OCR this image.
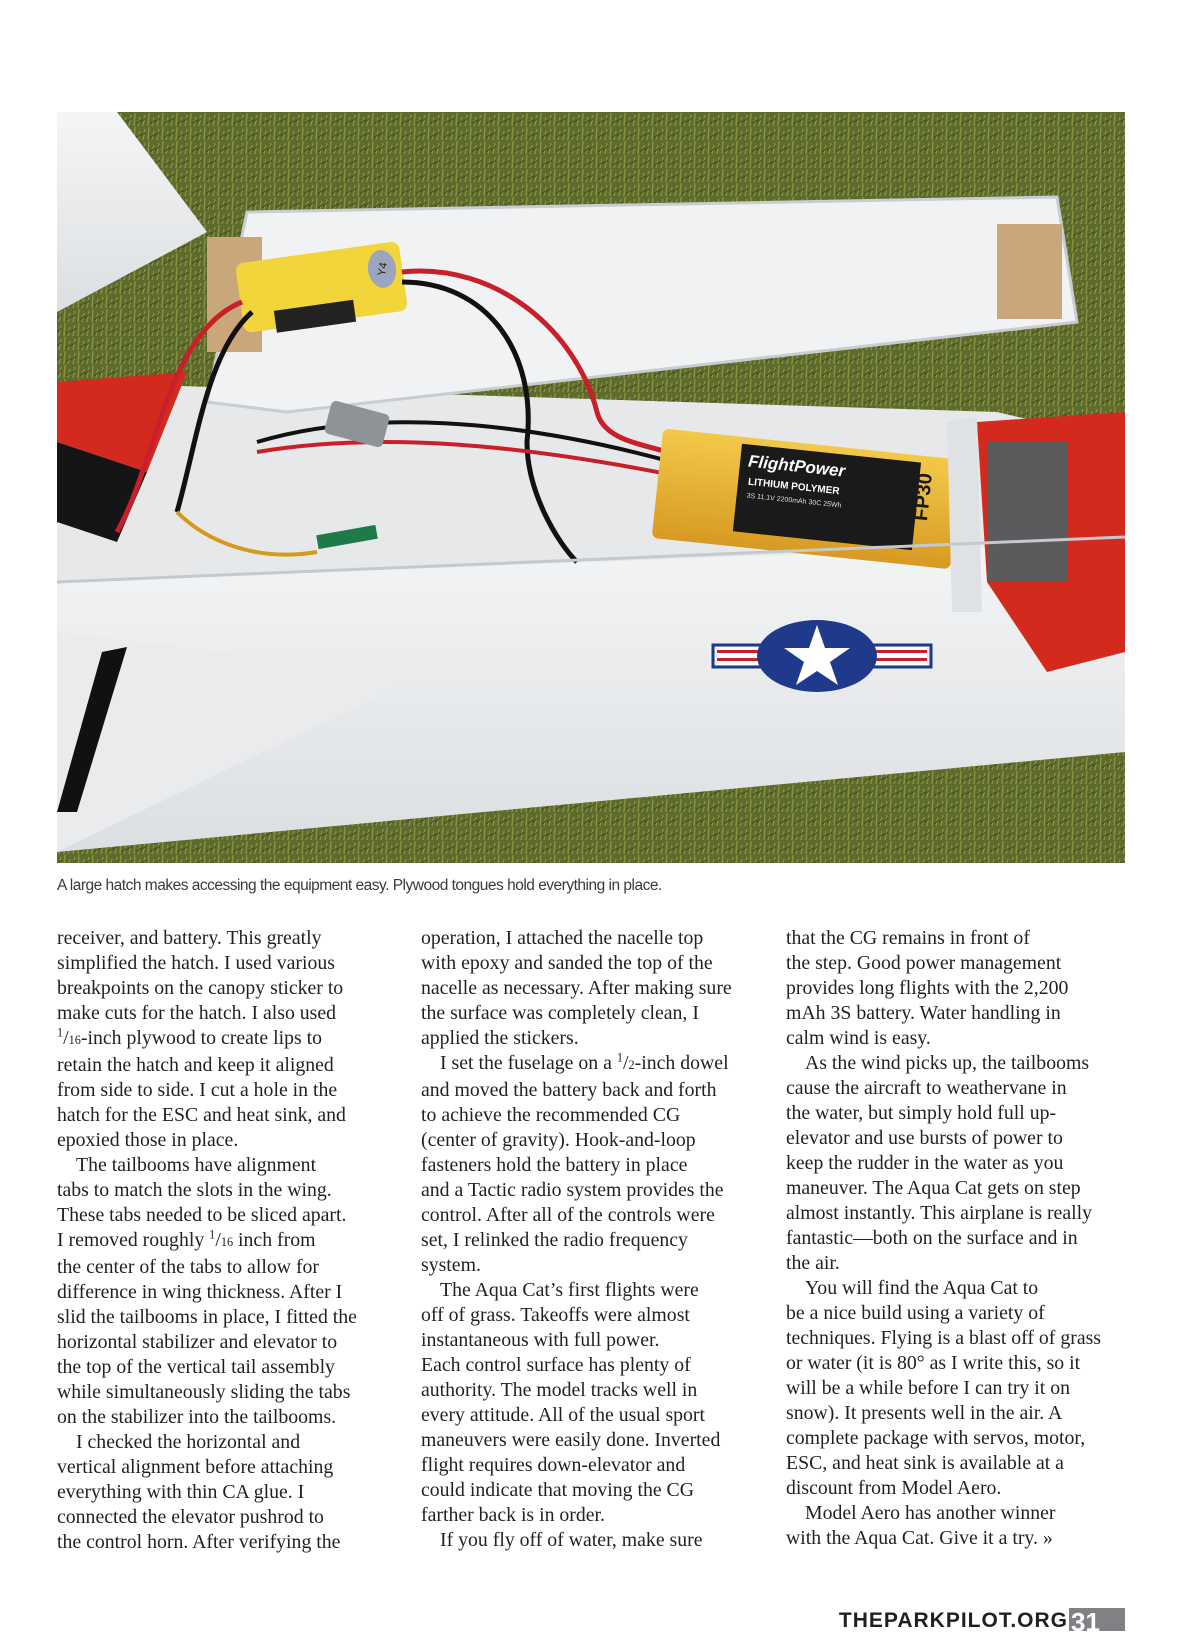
Y4
FlightPower
LITHIUM POLYMER
3S 11.1V 2200mAh 30C 25Wh	FP30
A large hatch makes accessing the equipment easy. Plywood tongues hold everything in place.

receiver, and battery. This greatly
simplified the hatch. I used various
breakpoints on the canopy sticker to
make cuts for the hatch. I also used
$^1$/16-inch plywood to create lips to
retain the hatch and keep it aligned
from side to side. I cut a hole in the
hatch for the ESC and heat sink, and
epoxied those in place.

The tailbooms have alignment
tabs to match the slots in the wing.
These tabs needed to be sliced apart.
I removed roughly $^1$/16 inch from
the center of the tabs to allow for
difference in wing thickness. After I
slid the tailbooms in place, I fitted the
horizontal stabilizer and elevator to
the top of the vertical tail assembly
while simultaneously sliding the tabs
on the stabilizer into the tailbooms.

I checked the horizontal and
vertical alignment before attaching
everything with thin CA glue. I
connected the elevator pushrod to
the control horn. After verifying the

operation, I attached the nacelle top
with epoxy and sanded the top of the
nacelle as necessary. After making sure
the surface was completely clean, I
applied the stickers.

I set the fuselage on a $^1$/2-inch dowel
and moved the battery back and forth
to achieve the recommended CG
(center of gravity). Hook-and-loop
fasteners hold the battery in place
and a Tactic radio system provides the
control. After all of the controls were
set, I relinked the radio frequency
system.

The Aqua Cat’s first flights were
off of grass. Takeoffs were almost
instantaneous with full power.
Each control surface has plenty of
authority. The model tracks well in
every attitude. All of the usual sport
maneuvers were easily done. Inverted
flight requires down-elevator and
could indicate that moving the CG
farther back is in order.

If you fly off of water, make sure

that the CG remains in front of
the step. Good power management
provides long flights with the 2,200
mAh 3S battery. Water handling in
calm wind is easy.

As the wind picks up, the tailbooms
cause the aircraft to weathervane in
the water, but simply hold full up-
elevator and use bursts of power to
keep the rudder in the water as you
maneuver. The Aqua Cat gets on step
almost instantly. This airplane is really
fantastic—both on the surface and in
the air.

You will find the Aqua Cat to
be a nice build using a variety of
techniques. Flying is a blast off of grass
or water (it is 80° as I write this, so it
will be a while before I can try it on
snow). It presents well in the air. A
complete package with servos, motor,
ESC, and heat sink is available at a
discount from Model Aero.

Model Aero has another winner
with the Aqua Cat. Give it a try. »

THEPARKPILOT.ORG 31
